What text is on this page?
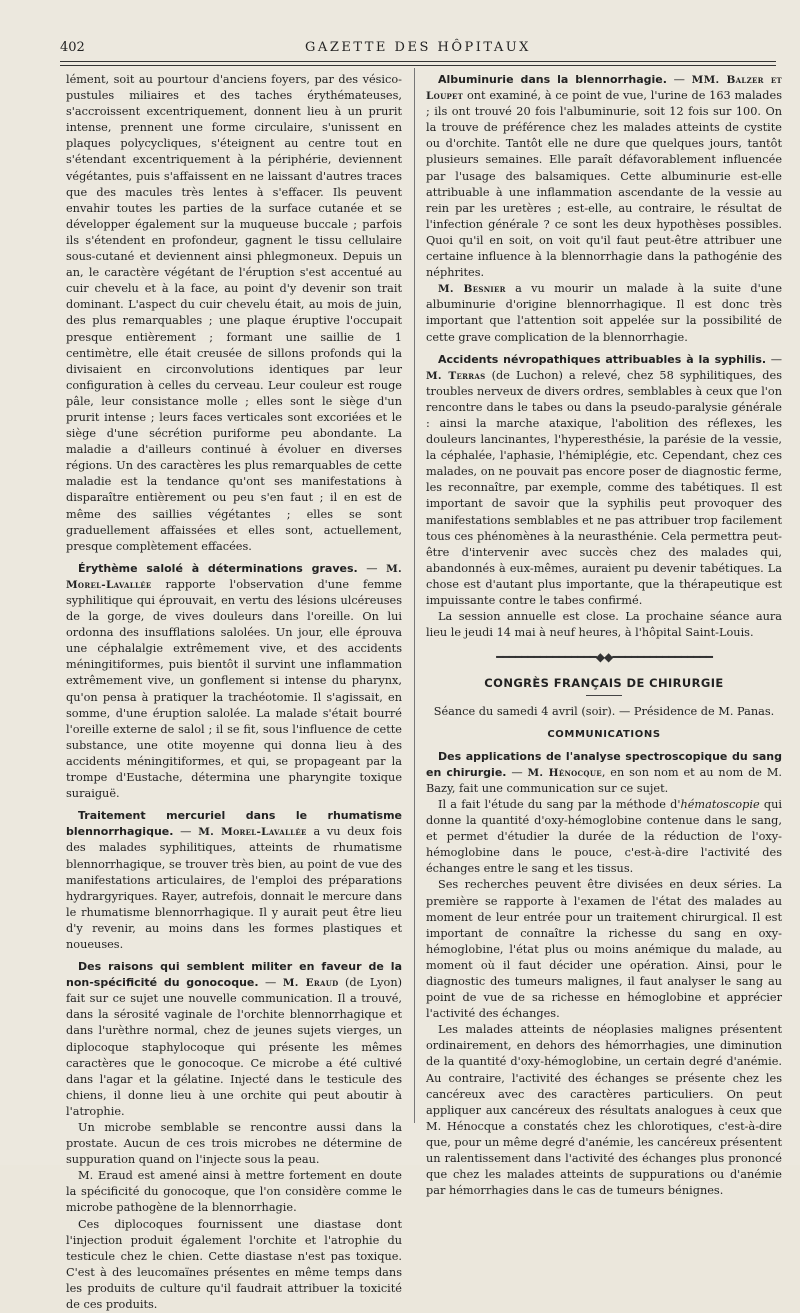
402	GAZETTE DES HÔPITAUX

lément, soit au pourtour d'anciens foyers, par des vésico-pustules miliaires et des taches érythémateuses, s'accroissent excentriquement, donnent lieu à un prurit intense, prennent une forme circulaire, s'unissent en plaques polycycliques, s'éteignent au centre tout en s'étendant excentriquement à la périphérie, deviennent végétantes, puis s'affaissent en ne laissant d'autres traces que des macules très lentes à s'effacer. Ils peuvent envahir toutes les parties de la surface cutanée et se développer également sur la muqueuse buccale ; parfois ils s'étendent en profondeur, gagnent le tissu cellulaire sous-cutané et deviennent ainsi phlegmoneux. Depuis un an, le caractère végétant de l'éruption s'est accentué au cuir chevelu et à la face, au point d'y devenir son trait dominant. L'aspect du cuir chevelu était, au mois de juin, des plus remarquables ; une plaque éruptive l'occupait presque entièrement ; formant une saillie de 1 centimètre, elle était creusée de sillons profonds qui la divisaient en circonvolutions identiques par leur configuration à celles du cerveau. Leur couleur est rouge pâle, leur consistance molle ; elles sont le siège d'un prurit intense ; leurs faces verticales sont excoriées et le siège d'une sécrétion puriforme peu abondante. La maladie a d'ailleurs continué à évoluer en diverses régions. Un des caractères les plus remarquables de cette maladie est la tendance qu'ont ses manifestations à disparaître entièrement ou peu s'en faut ; il en est de même des saillies végétantes ; elles se sont graduellement affaissées et elles sont, actuellement, presque complètement effacées.

Érythème salolé à déterminations graves. — M. Morel-Lavallée rapporte l'observation d'une femme syphilitique qui éprouvait, en vertu des lésions ulcéreuses de la gorge, de vives douleurs dans l'oreille. On lui ordonna des insufflations salolées. Un jour, elle éprouva une céphalalgie extrêmement vive, et des accidents méningitiformes, puis bientôt il survint une inflammation extrêmement vive, un gonflement si intense du pharynx, qu'on pensa à pratiquer la trachéotomie. Il s'agissait, en somme, d'une éruption salolée. La malade s'était bourré l'oreille externe de salol ; il se fit, sous l'influence de cette substance, une otite moyenne qui donna lieu à des accidents méningitiformes, et qui, se propageant par la trompe d'Eustache, détermina une pharyngite toxique suraiguë.

Traitement mercuriel dans le rhumatisme blennorrhagique. — M. Morel-Lavallée a vu deux fois des malades syphilitiques, atteints de rhumatisme blennorrhagique, se trouver très bien, au point de vue des manifestations articulaires, de l'emploi des préparations hydrargyriques. Rayer, autrefois, donnait le mercure dans le rhumatisme blennorrhagique. Il y aurait peut être lieu d'y revenir, au moins dans les formes plastiques et noueuses.

Des raisons qui semblent militer en faveur de la non-spécificité du gonocoque. — M. Eraud (de Lyon) fait sur ce sujet une nouvelle communication. Il a trouvé, dans la sérosité vaginale de l'orchite blennorrhagique et dans l'urèthre normal, chez de jeunes sujets vierges, un diplocoque staphylocoque qui présente les mêmes caractères que le gonocoque. Ce microbe a été cultivé dans l'agar et la gélatine. Injecté dans le testicule des chiens, il donne lieu à une orchite qui peut aboutir à l'atrophie.

Un microbe semblable se rencontre aussi dans la prostate. Aucun de ces trois microbes ne détermine de suppuration quand on l'injecte sous la peau.

M. Eraud est amené ainsi à mettre fortement en doute la spécificité du gonocoque, que l'on considère comme le microbe pathogène de la blennorrhagie.

Ces diplocoques fournissent une diastase dont l'injection produit également l'orchite et l'atrophie du testicule chez le chien. Cette diastase n'est pas toxique. C'est à des leucomaïnes présentes en même temps dans les produits de culture qu'il faudrait attribuer la toxicité de ces produits.

Albuminurie dans la blennorrhagie. — MM. Balzer et Loupet ont examiné, à ce point de vue, l'urine de 163 malades ; ils ont trouvé 20 fois l'albuminurie, soit 12 fois sur 100. On la trouve de préférence chez les malades atteints de cystite ou d'orchite. Tantôt elle ne dure que quelques jours, tantôt plusieurs semaines. Elle paraît défavorablement influencée par l'usage des balsamiques. Cette albuminurie est-elle attribuable à une inflammation ascendante de la vessie au rein par les uretères ; est-elle, au contraire, le résultat de l'infection générale ? ce sont les deux hypothèses possibles. Quoi qu'il en soit, on voit qu'il faut peut-être attribuer une certaine influence à la blennorrhagie dans la pathogénie des néphrites.

M. Besnier a vu mourir un malade à la suite d'une albuminurie d'origine blennorrhagique. Il est donc très important que l'attention soit appelée sur la possibilité de cette grave complication de la blennorrhagie.

Accidents névropathiques attribuables à la syphilis. — M. Terras (de Luchon) a relevé, chez 58 syphilitiques, des troubles nerveux de divers ordres, semblables à ceux que l'on rencontre dans le tabes ou dans la pseudo-paralysie générale : ainsi la marche ataxique, l'abolition des réflexes, les douleurs lancinantes, l'hyperesthésie, la parésie de la vessie, la céphalée, l'aphasie, l'hémiplégie, etc. Cependant, chez ces malades, on ne pouvait pas encore poser de diagnostic ferme, les reconnaître, par exemple, comme des tabétiques. Il est important de savoir que la syphilis peut provoquer des manifestations semblables et ne pas attribuer trop facilement tous ces phénomènes à la neurasthénie. Cela permettra peut-être d'intervenir avec succès chez des malades qui, abandonnés à eux-mêmes, auraient pu devenir tabétiques. La chose est d'autant plus importante, que la thérapeutique est impuissante contre le tabes confirmé.

La session annuelle est close. La prochaine séance aura lieu le jeudi 14 mai à neuf heures, à l'hôpital Saint-Louis.

━━━━━━━━━━━━━━━━◆◆━━━━━━━━━━━━━━━━
CONGRÈS FRANÇAIS DE CHIRURGIE
Séance du samedi 4 avril (soir). — Présidence de M. Panas.
COMMUNICATIONS

Des applications de l'analyse spectroscopique du sang en chirurgie. — M. Hénocque, en son nom et au nom de M. Bazy, fait une communication sur ce sujet.

Il a fait l'étude du sang par la méthode d'hématoscopie qui donne la quantité d'oxy-hémoglobine contenue dans le sang, et permet d'étudier la durée de la réduction de l'oxy-hémoglobine dans le pouce, c'est-à-dire l'activité des échanges entre le sang et les tissus.

Ses recherches peuvent être divisées en deux séries. La première se rapporte à l'examen de l'état des malades au moment de leur entrée pour un traitement chirurgical. Il est important de connaître la richesse du sang en oxy-hémoglobine, l'état plus ou moins anémique du malade, au moment où il faut décider une opération. Ainsi, pour le diagnostic des tumeurs malignes, il faut analyser le sang au point de vue de sa richesse en hémoglobine et apprécier l'activité des échanges.

Les malades atteints de néoplasies malignes présentent ordinairement, en dehors des hémorrhagies, une diminution de la quantité d'oxy-hémoglobine, un certain degré d'anémie. Au contraire, l'activité des échanges se présente chez les cancéreux avec des caractères particuliers. On peut appliquer aux cancéreux des résultats analogues à ceux que M. Hénocque a constatés chez les chlorotiques, c'est-à-dire que, pour un même degré d'anémie, les cancéreux présentent un ralentissement dans l'activité des échanges plus prononcé que chez les malades atteints de suppurations ou d'anémie par hémorrhagies dans le cas de tumeurs bénignes.
